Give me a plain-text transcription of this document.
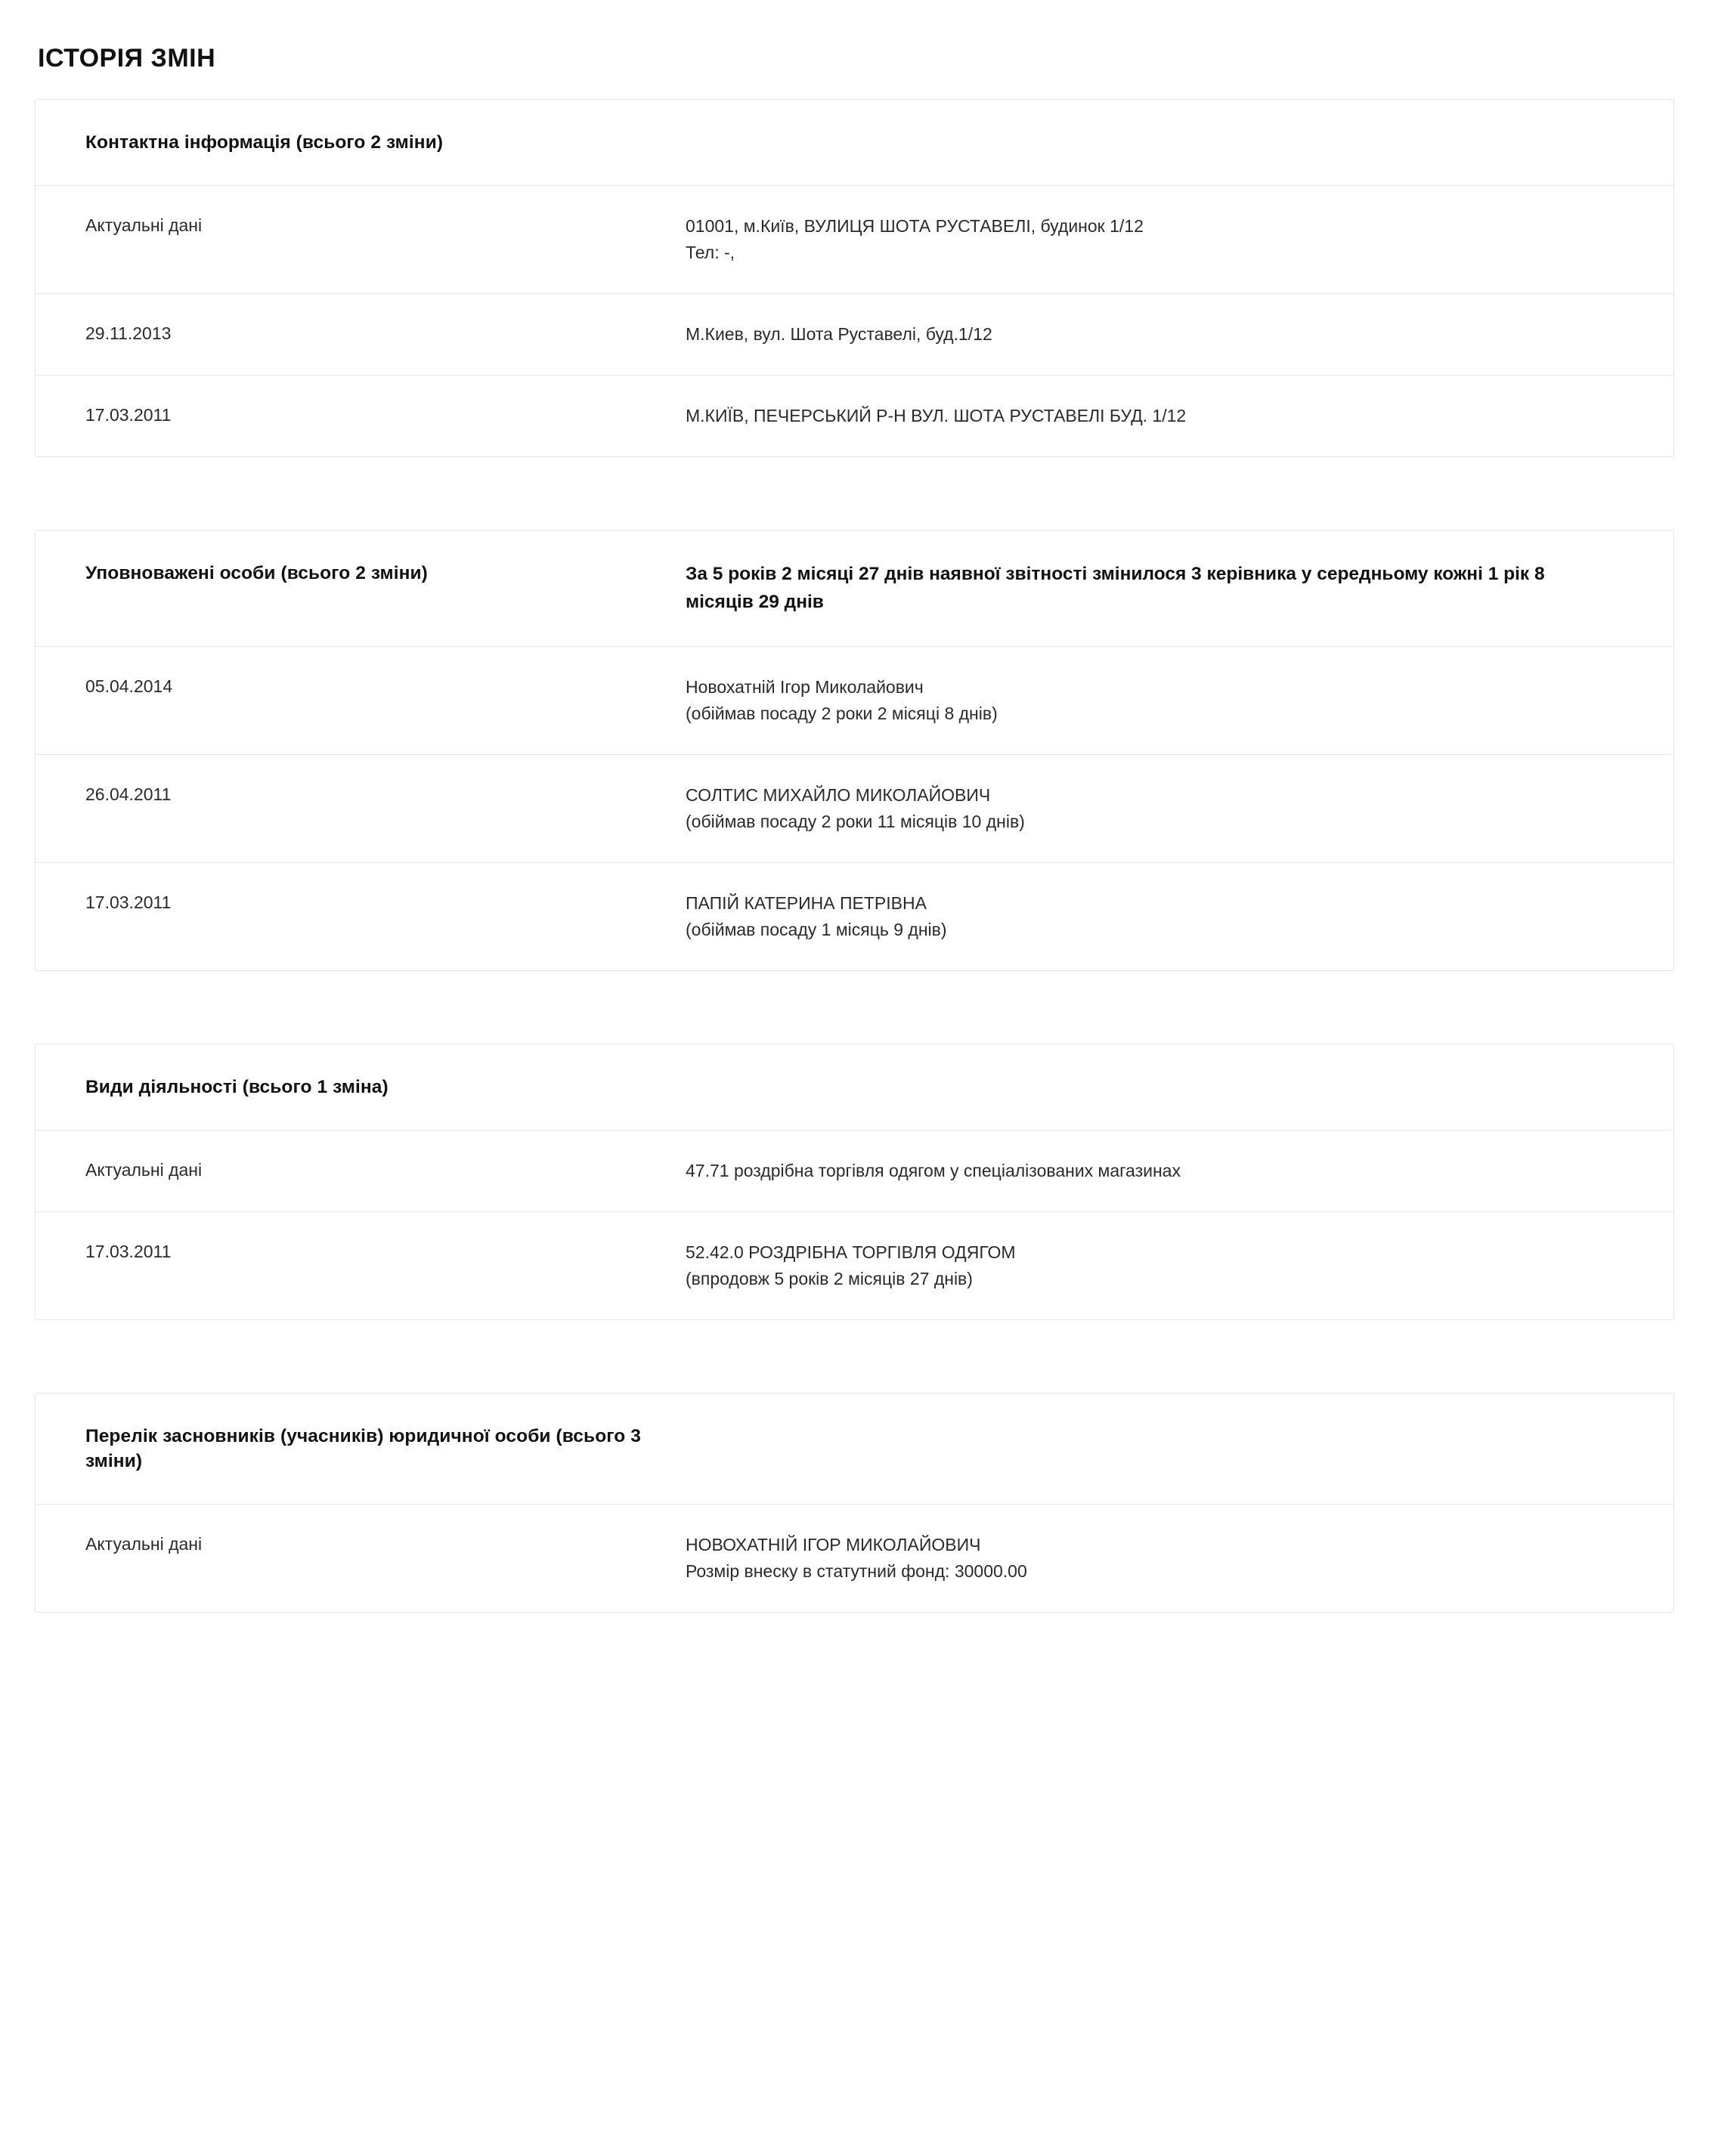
ІСТОРІЯ ЗМІН
Контактна інформація (всього 2 зміни)
Актуальні дані	01001, м.Київ, ВУЛИЦЯ ШОТА РУСТАВЕЛІ, будинок 1/12
Тел: -,
29.11.2013	М.Киев, вул. Шота Руставелі, буд.1/12
17.03.2011	М.КИЇВ, ПЕЧЕРСЬКИЙ Р-Н ВУЛ. ШОТА РУСТАВЕЛІ БУД. 1/12
Уповноважені особи (всього 2 зміни)	За 5 років 2 місяці 27 днів наявної звітності змінилося 3 керівника у середньому кожні 1 рік 8 місяців 29 днів
05.04.2014	Новохатній Ігор Миколайович
(обіймав посаду 2 роки 2 місяці 8 днів)
26.04.2011	СОЛТИС МИХАЙЛО МИКОЛАЙОВИЧ
(обіймав посаду 2 роки 11 місяців 10 днів)
17.03.2011	ПАПІЙ КАТЕРИНА ПЕТРІВНА
(обіймав посаду 1 місяць 9 днів)
Види діяльності (всього 1 зміна)
Актуальні дані	47.71 роздрібна торгівля одягом у спеціалізованих магазинах
17.03.2011	52.42.0 РОЗДРІБНА ТОРГІВЛЯ ОДЯГОМ
(впродовж 5 років 2 місяців 27 днів)
Перелік засновників (учасників) юридичної особи (всього 3 зміни)
Актуальні дані	НОВОХАТНІЙ ІГОР МИКОЛАЙОВИЧ
Розмір внеску в статутний фонд: 30000.00
